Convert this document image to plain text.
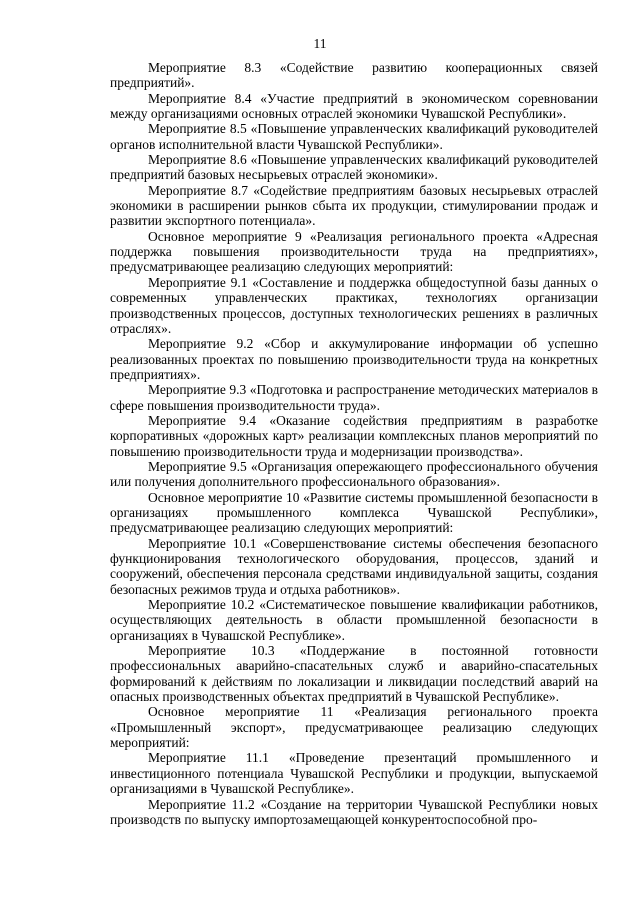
11

Мероприятие 8.3 «Содействие развитию кооперационных связей предприятий».

Мероприятие 8.4 «Участие предприятий в экономическом соревновании между организациями основных отраслей экономики Чувашской Республики».

Мероприятие 8.5 «Повышение управленческих квалификаций руководителей органов исполнительной власти Чувашской Республики».

Мероприятие 8.6 «Повышение управленческих квалификаций руководителей предприятий базовых несырьевых отраслей экономики».

Мероприятие 8.7 «Содействие предприятиям базовых несырьевых отраслей экономики в расширении рынков сбыта их продукции, стимулировании продаж и развитии экспортного потенциала».

Основное мероприятие 9 «Реализация регионального проекта «Адресная поддержка повышения производительности труда на предприятиях», предусматривающее реализацию следующих мероприятий:

Мероприятие 9.1 «Составление и поддержка общедоступной базы данных о современных управленческих практиках, технологиях организации производственных процессов, доступных технологических решениях в различных отраслях».

Мероприятие 9.2 «Сбор и аккумулирование информации об успешно реализованных проектах по повышению производительности труда на конкретных предприятиях».

Мероприятие 9.3 «Подготовка и распространение методических материалов в сфере повышения производительности труда».

Мероприятие 9.4 «Оказание содействия предприятиям в разработке корпоративных «дорожных карт» реализации комплексных планов мероприятий по повышению производительности труда и модернизации производства».

Мероприятие 9.5 «Организация опережающего профессионального обучения или получения дополнительного профессионального образования».

Основное мероприятие 10 «Развитие системы промышленной безопасности в организациях промышленного комплекса Чувашской Республики», предусматривающее реализацию следующих мероприятий:

Мероприятие 10.1 «Совершенствование системы обеспечения безопасного функционирования технологического оборудования, процессов, зданий и сооружений, обеспечения персонала средствами индивидуальной защиты, создания безопасных режимов труда и отдыха работников».

Мероприятие 10.2 «Систематическое повышение квалификации работников, осуществляющих деятельность в области промышленной безопасности в организациях в Чувашской Республике».

Мероприятие 10.3 «Поддержание в постоянной готовности профессиональных аварийно-спасательных служб и аварийно-спасательных формирований к действиям по локализации и ликвидации последствий аварий на опасных производственных объектах предприятий в Чувашской Республике».

Основное мероприятие 11 «Реализация регионального проекта «Промышленный экспорт», предусматривающее реализацию следующих мероприятий:

Мероприятие 11.1 «Проведение презентаций промышленного и инвестиционного потенциала Чувашской Республики и продукции, выпускаемой организациями в Чувашской Республике».

Мероприятие 11.2 «Создание на территории Чувашской Республики новых производств по выпуску импортозамещающей конкурентоспособной про-
